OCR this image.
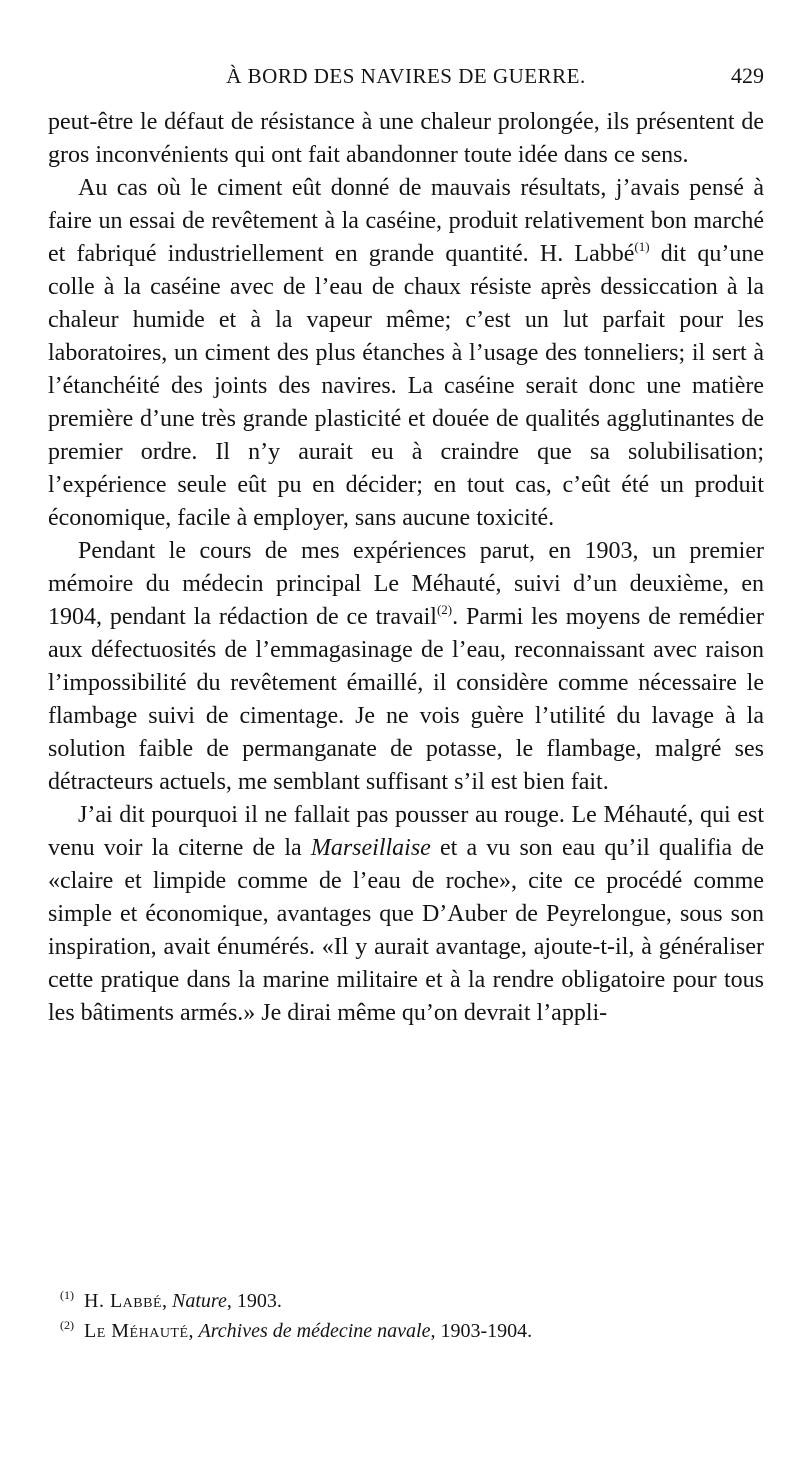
À BORD DES NAVIRES DE GUERRE.	429

peut-être le défaut de résistance à une chaleur prolongée, ils présentent de gros inconvénients qui ont fait abandonner toute idée dans ce sens.

Au cas où le ciment eût donné de mauvais résultats, j’avais pensé à faire un essai de revêtement à la caséine, produit relativement bon marché et fabriqué industriellement en grande quantité. H. Labbé$^{(1)}$ dit qu’une colle à la caséine avec de l’eau de chaux résiste après dessiccation à la chaleur humide et à la vapeur même; c’est un lut parfait pour les laboratoires, un ciment des plus étanches à l’usage des tonneliers; il sert à l’étanchéité des joints des navires. La caséine serait donc une matière première d’une très grande plasticité et douée de qualités agglutinantes de premier ordre. Il n’y aurait eu à craindre que sa solubilisation; l’expérience seule eût pu en décider; en tout cas, c’eût été un produit économique, facile à employer, sans aucune toxicité.

Pendant le cours de mes expériences parut, en 1903, un premier mémoire du médecin principal Le Méhauté, suivi d’un deuxième, en 1904, pendant la rédaction de ce travail$^{(2)}$. Parmi les moyens de remédier aux défectuosités de l’emmagasinage de l’eau, reconnaissant avec raison l’impossibilité du revêtement émaillé, il considère comme nécessaire le flambage suivi de cimentage. Je ne vois guère l’utilité du lavage à la solution faible de permanganate de potasse, le flambage, malgré ses détracteurs actuels, me semblant suffisant s’il est bien fait.

J’ai dit pourquoi il ne fallait pas pousser au rouge. Le Méhauté, qui est venu voir la citerne de la Marseillaise et a vu son eau qu’il qualifia de «claire et limpide comme de l’eau de roche», cite ce procédé comme simple et économique, avantages que D’Auber de Peyrelongue, sous son inspiration, avait énumérés. «Il y aurait avantage, ajoute-t-il, à généraliser cette pratique dans la marine militaire et à la rendre obligatoire pour tous les bâtiments armés.» Je dirai même qu’on devrait l’appli-

$^{(1)}$ H. Labbé, Nature, 1903.

$^{(2)}$ Le Méhauté, Archives de médecine navale, 1903-1904.
